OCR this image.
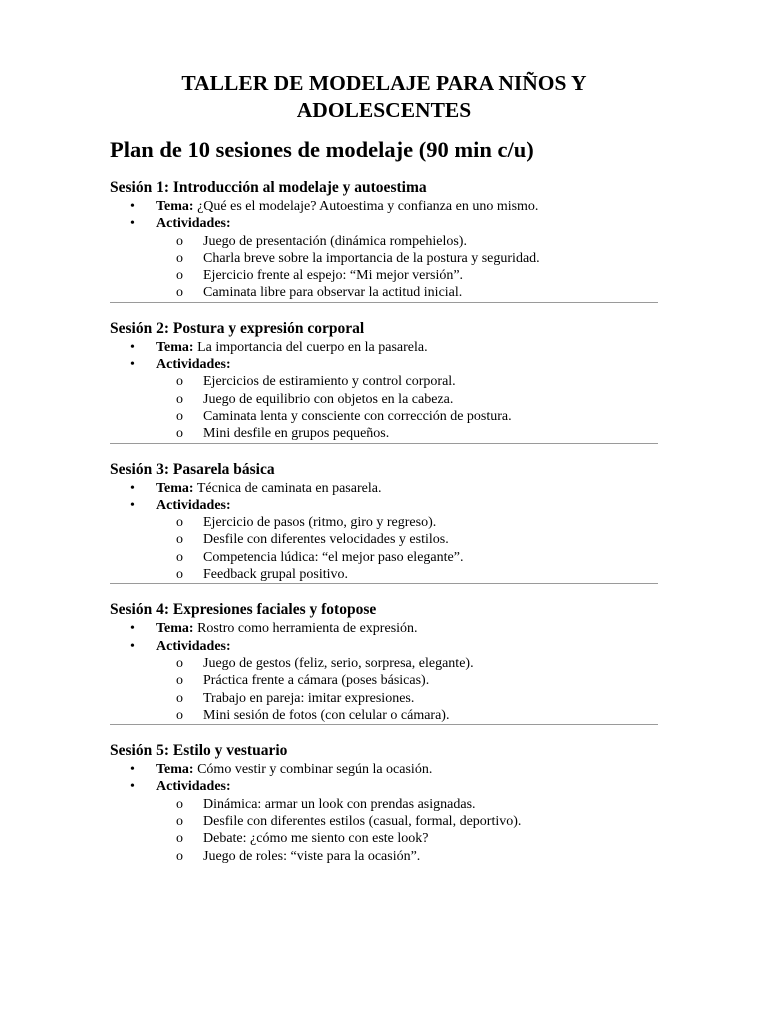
TALLER DE MODELAJE PARA NIÑOS Y ADOLESCENTES
Plan de 10 sesiones de modelaje (90 min c/u)
Sesión 1: Introducción al modelaje y autoestima
• Tema: ¿Qué es el modelaje? Autoestima y confianza en uno mismo.
• Actividades:
o Juego de presentación (dinámica rompehielos).
o Charla breve sobre la importancia de la postura y seguridad.
o Ejercicio frente al espejo: “Mi mejor versión”.
o Caminata libre para observar la actitud inicial.
Sesión 2: Postura y expresión corporal
• Tema: La importancia del cuerpo en la pasarela.
• Actividades:
o Ejercicios de estiramiento y control corporal.
o Juego de equilibrio con objetos en la cabeza.
o Caminata lenta y consciente con corrección de postura.
o Mini desfile en grupos pequeños.
Sesión 3: Pasarela básica
• Tema: Técnica de caminata en pasarela.
• Actividades:
o Ejercicio de pasos (ritmo, giro y regreso).
o Desfile con diferentes velocidades y estilos.
o Competencia lúdica: “el mejor paso elegante”.
o Feedback grupal positivo.
Sesión 4: Expresiones faciales y fotopose
• Tema: Rostro como herramienta de expresión.
• Actividades:
o Juego de gestos (feliz, serio, sorpresa, elegante).
o Práctica frente a cámara (poses básicas).
o Trabajo en pareja: imitar expresiones.
o Mini sesión de fotos (con celular o cámara).
Sesión 5: Estilo y vestuario
• Tema: Cómo vestir y combinar según la ocasión.
• Actividades:
o Dinámica: armar un look con prendas asignadas.
o Desfile con diferentes estilos (casual, formal, deportivo).
o Debate: ¿cómo me siento con este look?
o Juego de roles: “viste para la ocasión”.
